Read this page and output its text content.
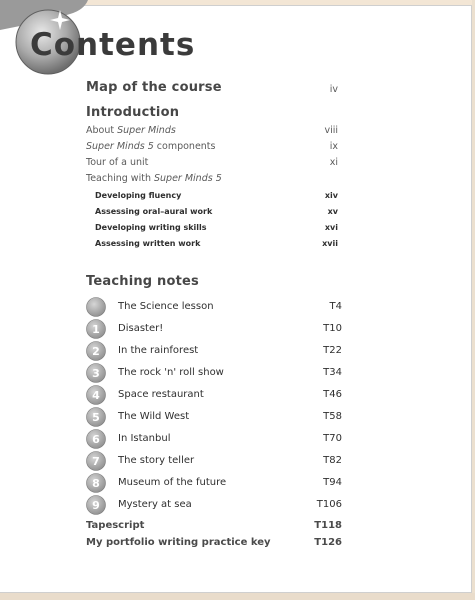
Contents
Map of the course	iv
Introduction
About Super Minds	viii
Super Minds 5 components	ix
Tour of a unit	xi
Teaching with Super Minds 5
Developing fluency	xiv
Assessing oral–aural work	xv
Developing writing skills	xvi
Assessing written work	xvii
Teaching notes
The Science lesson	T4
1 Disaster!	T10
2 In the rainforest	T22
3 The rock 'n' roll show	T34
4 Space restaurant	T46
5 The Wild West	T58
6 In Istanbul	T70
7 The story teller	T82
8 Museum of the future	T94
9 Mystery at sea	T106
Tapescript	T118
My portfolio writing practice key	T126
